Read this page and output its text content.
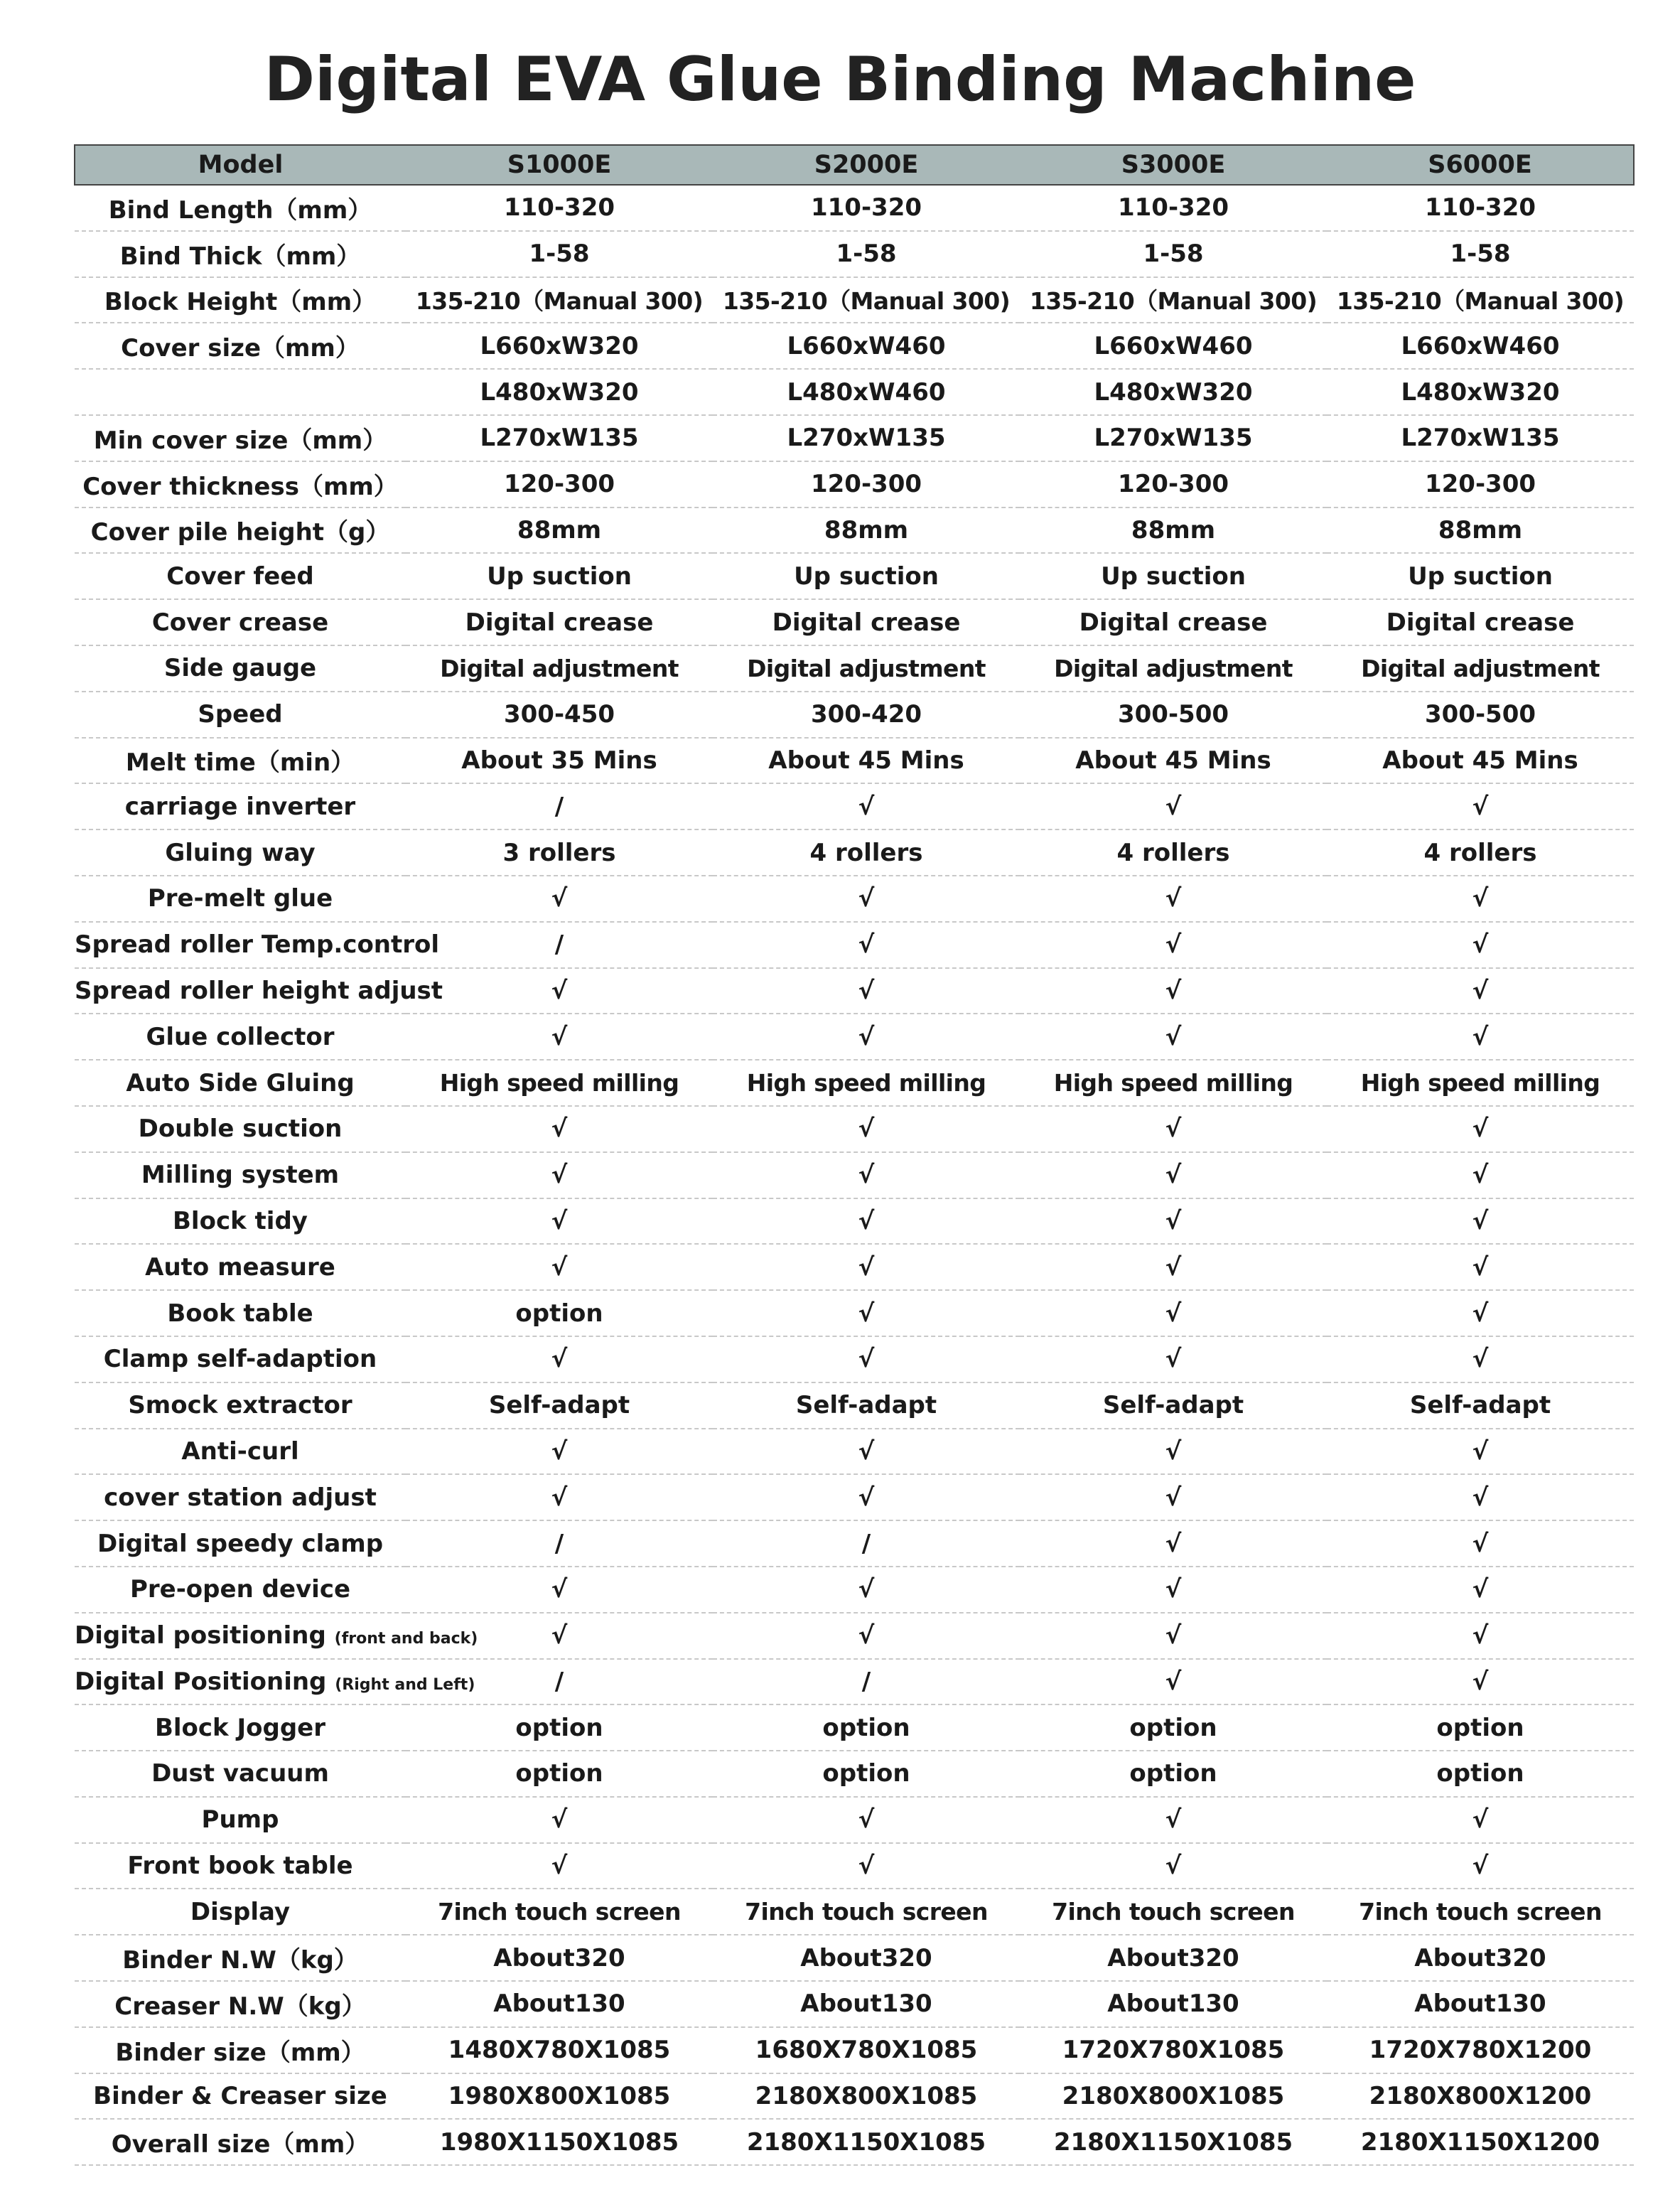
Digital EVA Glue Binding Machine
Model	S1000E	S2000E	S3000E	S6000E
Bind Length（mm）	110-320	110-320	110-320	110-320
Bind Thick（mm）	1-58	1-58	1-58	1-58
Block Height（mm）	135-210（Manual 300)	135-210（Manual 300)	135-210（Manual 300)	135-210（Manual 300)
Cover size（mm）	L660xW320	L660xW460	L660xW460	L660xW460
	L480xW320	L480xW460	L480xW320	L480xW320
Min cover size（mm）	L270xW135	L270xW135	L270xW135	L270xW135
Cover thickness（mm）	120-300	120-300	120-300	120-300
Cover pile height（g）	88mm	88mm	88mm	88mm
Cover feed	Up suction	Up suction	Up suction	Up suction
Cover crease	Digital crease	Digital crease	Digital crease	Digital crease
Side gauge	Digital adjustment	Digital adjustment	Digital adjustment	Digital adjustment
Speed	300-450	300-420	300-500	300-500
Melt time（min）	About 35 Mins	About 45 Mins	About 45 Mins	About 45 Mins
carriage inverter	/	√	√	√
Gluing way	3 rollers	4 rollers	4 rollers	4 rollers
Pre-melt glue	√	√	√	√
Spread roller Temp.control	/	√	√	√
Spread roller height adjust	√	√	√	√
Glue collector	√	√	√	√
Auto Side Gluing	High speed milling	High speed milling	High speed milling	High speed milling
Double suction	√	√	√	√
Milling system	√	√	√	√
Block tidy	√	√	√	√
Auto measure	√	√	√	√
Book table	option	√	√	√
Clamp self-adaption	√	√	√	√
Smock extractor	Self-adapt	Self-adapt	Self-adapt	Self-adapt
Anti-curl	√	√	√	√
cover station adjust	√	√	√	√
Digital speedy clamp	/	/	√	√
Pre-open device	√	√	√	√
Digital positioning (front and back)	√	√	√	√
Digital Positioning (Right and Left)	/	/	√	√
Block Jogger	option	option	option	option
Dust vacuum	option	option	option	option
Pump	√	√	√	√
Front book table	√	√	√	√
Display	7inch touch screen	7inch touch screen	7inch touch screen	7inch touch screen
Binder N.W（kg）	About320	About320	About320	About320
Creaser N.W（kg）	About130	About130	About130	About130
Binder size（mm）	1480X780X1085	1680X780X1085	1720X780X1085	1720X780X1200
Binder & Creaser size	1980X800X1085	2180X800X1085	2180X800X1085	2180X800X1200
Overall size（mm）	1980X1150X1085	2180X1150X1085	2180X1150X1085	2180X1150X1200
